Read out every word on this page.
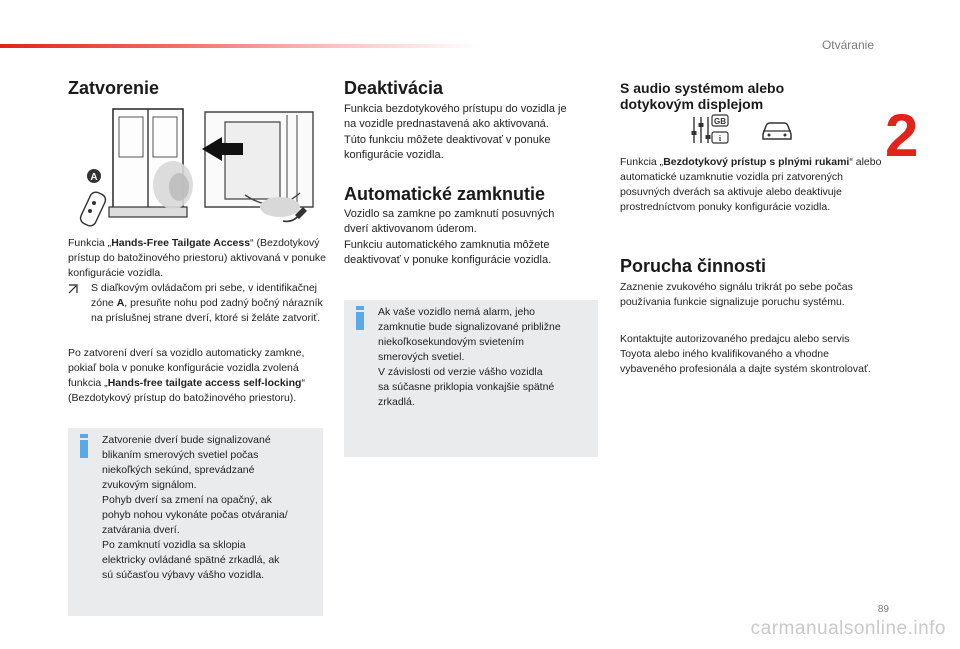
Otváranie
2
Zatvorenie
A

Funkcia „Hands-Free Tailgate Access“ (Bezdotykový prístup do batožinového priestoru) aktivovaná v ponuke konfigurácie vozidla.

S diaľkovým ovládačom pri sebe, v identifikačnej zóne A, presuňte nohu pod zadný bočný nárazník na príslušnej strane dverí, ktoré si želáte zatvoriť.

Po zatvorení dverí sa vozidlo automaticky zamkne, pokiaľ bola v ponuke konfigurácie vozidla zvolená funkcia „Hands-free tailgate access self-locking“ (Bezdotykový prístup do batožinového priestoru).

Zatvorenie dverí bude signalizované
blikaním smerových svetiel počas
niekoľkých sekúnd, sprevádzané
zvukovým signálom.
Pohyb dverí sa zmení na opačný, ak
pohyb nohou vykonáte počas otvárania/
zatvárania dverí.
Po zamknutí vozidla sa sklopia
elektricky ovládané spätné zrkadlá, ak
sú súčasťou výbavy vášho vozidla.
Deaktivácia
Funkcia bezdotykového prístupu do vozidla je
na vozidle prednastavená ako aktivovaná.
Túto funkciu môžete deaktivovať v ponuke
konfigurácie vozidla.
Automatické zamknutie
Vozidlo sa zamkne po zamknutí posuvných
dverí aktivovanom úderom.
Funkciu automatického zamknutia môžete
deaktivovať v ponuke konfigurácie vozidla.
Ak vaše vozidlo nemá alarm, jeho
zamknutie bude signalizované približne
niekoľkosekundovým svietením
smerových svetiel.
V závislosti od verzie vášho vozidla
sa súčasne priklopia vonkajšie spätné
zrkadlá.
S audio systémom alebo
dotykovým displejom
GB
i

Funkcia „Bezdotykový prístup s plnými rukami“ alebo automatické uzamknutie vozidla pri zatvorených posuvných dverách sa aktivuje alebo deaktivuje prostredníctvom ponuky konfigurácie vozidla.

Porucha činnosti

Zaznenie zvukového signálu trikrát po sebe počas používania funkcie signalizuje poruchu systému.

Kontaktujte autorizovaného predajcu alebo servis Toyota alebo iného kvalifikovaného a vhodne vybaveného profesionála a dajte systém skontrolovať.

89
carmanualsonline.info
